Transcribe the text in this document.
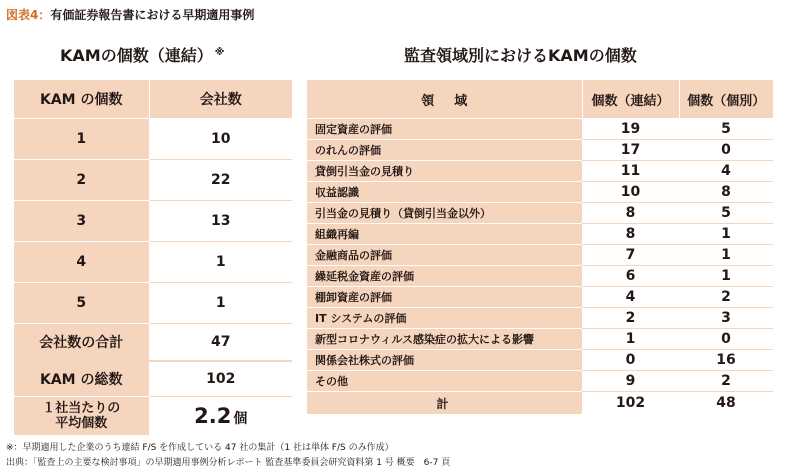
図表4：有価証券報告書における早期適用事例
KAMの個数（連結） ※	監査領域別におけるKAMの個数
KAM の個数	会社数
1	10
2	22
3	13
4	1
5	1
会社数の合計	47
KAM の総数	102
１社当たりの
平均個数	2.2 個
領域	個数（連結）	個数（個別）
固定資産の評価	19	5
のれんの評価	17	0
貸倒引当金の見積り	11	4
収益認識	10	8
引当金の見積り（貸倒引当金以外）	8	5
組織再編	8	1
金融商品の評価	7	1
繰延税金資産の評価	6	1
棚卸資産の評価	4	2
IT システムの評価	2	3
新型コロナウィルス感染症の拡大による影響	1	0
関係会社株式の評価	0	16
その他	9	2
計	102	48
※：早期適用した企業のうち連結 F/S を作成している 47 社の集計（1 社は単体 F/S のみ作成）
出典：「監査上の主要な検討事項」の早期適用事例分析レポート 監査基準委員会研究資料第 1 号 概要　6-7 頁
